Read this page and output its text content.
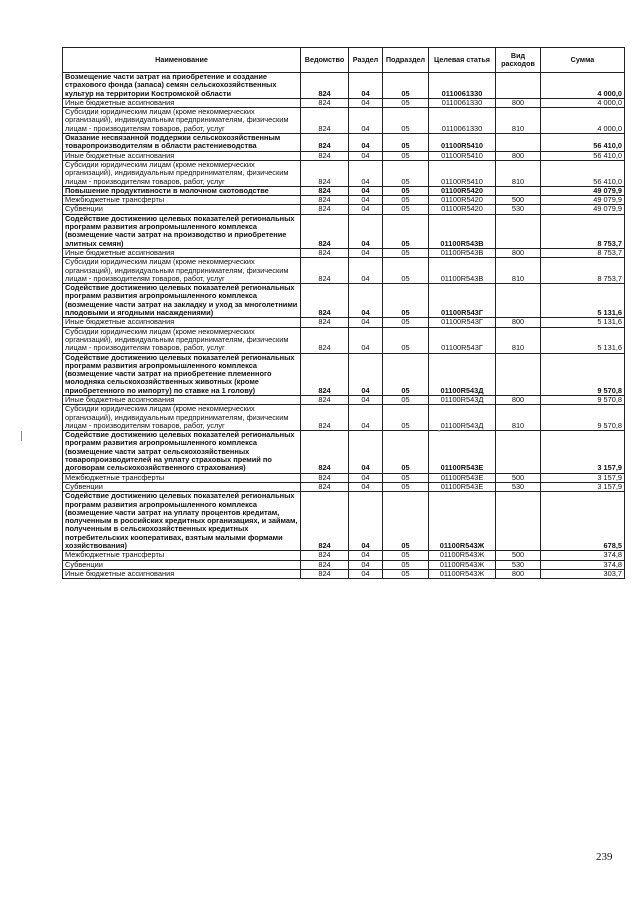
Наименование	Ведомство	Раздел	Подраздел	Целевая статья	Вид расходов	Сумма
Возмещение части затрат на приобретение и создание страхового фонда (запаса) семян сельскохозяйственных культур на территории Костромской области	824	04	05	0110061330		4 000,0
Иные бюджетные ассигнования	824	04	05	0110061330	800	4 000,0
Субсидии юридическим лицам (кроме некоммерческих организаций), индивидуальным предпринимателям, физическим лицам - производителям товаров, работ, услуг	824	04	05	0110061330	810	4 000,0
Оказание несвязанной поддержки сельскохозяйственным товаропроизводителям в области растениеводства	824	04	05	01100R5410		56 410,0
Иные бюджетные ассигнования	824	04	05	01100R5410	800	56 410,0
Субсидии юридическим лицам (кроме некоммерческих организаций), индивидуальным предпринимателям, физическим лицам - производителям товаров, работ, услуг	824	04	05	01100R5410	810	56 410,0
Повышение продуктивности в молочном скотоводстве	824	04	05	01100R5420		49 079,9
Межбюджетные трансферты	824	04	05	01100R5420	500	49 079,9
Субвенции	824	04	05	01100R5420	530	49 079,9
Содействие достижению целевых показателей региональных программ развития агропромышленного комплекса (возмещение части затрат на производство и приобретение элитных семян)	824	04	05	01100R543B		8 753,7
Иные бюджетные ассигнования	824	04	05	01100R543B	800	8 753,7
Субсидии юридическим лицам (кроме некоммерческих организаций), индивидуальным предпринимателям, физическим лицам - производителям товаров, работ, услуг	824	04	05	01100R543B	810	8 753,7
Содействие достижению целевых показателей региональных программ развития агропромышленного комплекса (возмещение части затрат на закладку и уход за многолетними плодовыми и ягодными насаждениями)	824	04	05	01100R543Г		5 131,6
Иные бюджетные ассигнования	824	04	05	01100R543Г	800	5 131,6
Субсидии юридическим лицам (кроме некоммерческих организаций), индивидуальным предпринимателям, физическим лицам - производителям товаров, работ, услуг	824	04	05	01100R543Г	810	5 131,6
Содействие достижению целевых показателей региональных программ развития агропромышленного комплекса (возмещение части затрат на приобретение племенного молодняка сельскохозяйственных животных (кроме приобретенного по импорту) по ставке на 1 голову)	824	04	05	01100R543Д		9 570,8
Иные бюджетные ассигнования	824	04	05	01100R543Д	800	9 570,8
Субсидии юридическим лицам (кроме некоммерческих организаций), индивидуальным предпринимателям, физическим лицам - производителям товаров, работ, услуг	824	04	05	01100R543Д	810	9 570,8
Содействие достижению целевых показателей региональных программ развития агропромышленного комплекса (возмещение части затрат сельскохозяйственных товаропроизводителей на уплату страховых премий по договорам сельскохозяйственного страхования)	824	04	05	01100R543E		3 157,9
Межбюджетные трансферты	824	04	05	01100R543E	500	3 157,9
Субвенции	824	04	05	01100R543E	530	3 157,9
Содействие достижению целевых показателей региональных программ развития агропромышленного комплекса (возмещение части затрат на уплату процентов кредитам, полученным в российских кредитных организациях, и займам, полученным в сельскохозяйственных кредитных потребительских кооперативах, взятым малыми формами хозяйствования)	824	04	05	01100R543Ж		678,5
Межбюджетные трансферты	824	04	05	01100R543Ж	500	374,8
Субвенции	824	04	05	01100R543Ж	530	374,8
Иные бюджетные ассигнования	824	04	05	01100R543Ж	800	303,7
239
